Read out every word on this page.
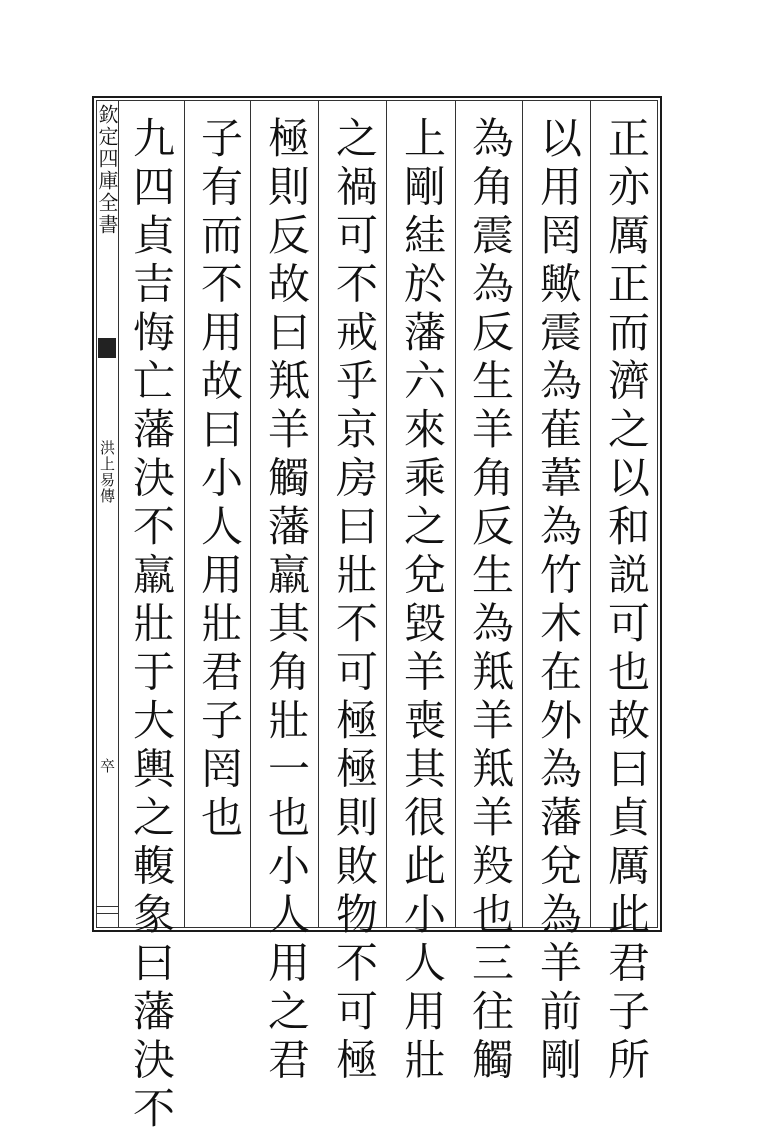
欽定四庫全書
洪上易傳
卒	正亦厲正而濟之以和説可也故曰貞厲此君子所
以用罔歟震為萑葦為竹木在外為藩兌為羊前剛
為角震為反生羊角反生為羝羊羝羊羖也三往觸
上剛絓於藩六來乘之兌毀羊喪其很此小人用壯
之禍可不戒乎京房曰壯不可極極則敗物不可極
極則反故曰羝羊觸藩羸其角壯一也小人用之君
子有而不用故曰小人用壯君子罔也
九四貞吉悔亡藩決不羸壯于大輿之輹象曰藩決不
